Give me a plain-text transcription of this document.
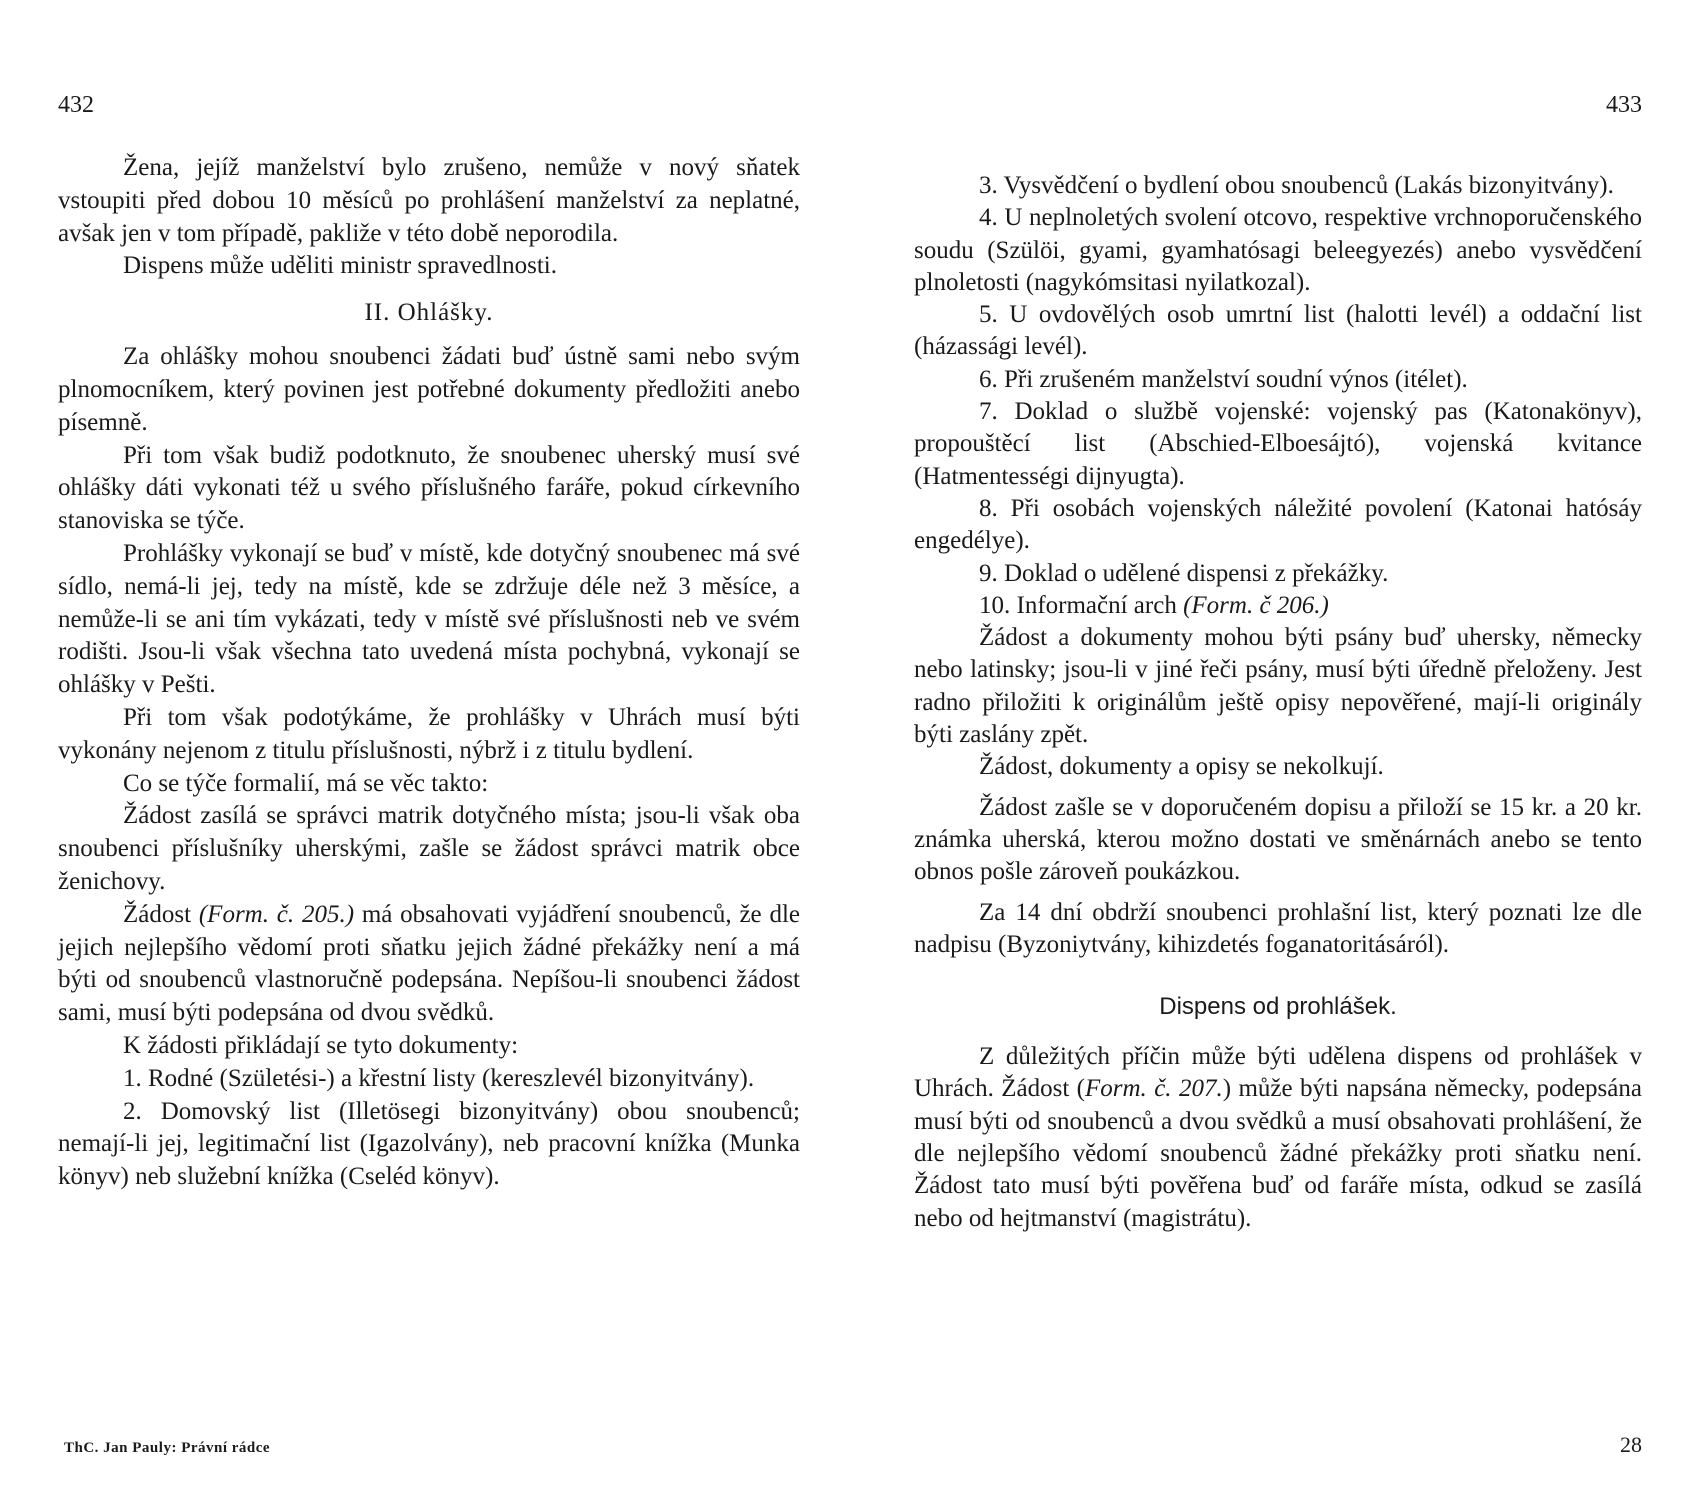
432

Žena, jejíž manželství bylo zrušeno, nemůže v nový sňatek vstoupiti před dobou 10 měsíců po prohlášení manželství za neplatné, avšak jen v tom případě, pakliže v této době neporodila.

Dispens může uděliti ministr spravedlnosti.

II. Ohlášky.

Za ohlášky mohou snoubenci žádati buď ústně sami nebo svým plnomocníkem, který povinen jest potřebné dokumenty předložiti anebo písemně.

Při tom však budiž podotknuto, že snoubenec uherský musí své ohlášky dáti vykonati též u svého příslušného faráře, pokud církevního stanoviska se týče.

Prohlášky vykonají se buď v místě, kde dotyčný snoubenec má své sídlo, nemá-li jej, tedy na místě, kde se zdržuje déle než 3 měsíce, a nemůže-li se ani tím vykázati, tedy v místě své příslušnosti neb ve svém rodišti. Jsou-li však všechna tato uvedená místa pochybná, vykonají se ohlášky v Pešti.

Při tom však podotýkáme, že prohlášky v Uhrách musí býti vykonány nejenom z titulu příslušnosti, nýbrž i z titulu bydlení.

Co se týče formalií, má se věc takto:

Žádost zasílá se správci matrik dotyčného místa; jsou-li však oba snoubenci příslušníky uherskými, zašle se žádost správci matrik obce ženichovy.

Žádost (Form. č. 205.) má obsahovati vyjádření snoubenců, že dle jejich nejlepšího vědomí proti sňatku jejich žádné překážky není a má býti od snoubenců vlastnoručně podepsána. Nepíšou-li snoubenci žádost sami, musí býti podepsána od dvou svědků.

K žádosti přikládají se tyto dokumenty:

1. Rodné (Születési-) a křestní listy (kereszlevél bizonyitvány).

2. Domovský list (Illetösegi bizonyitvány) obou snoubenců; nemají-li jej, legitimační list (Igazolvány), neb pracovní knížka (Munka könyv) neb služební knížka (Cseléd könyv).

433

3. Vysvědčení o bydlení obou snoubenců (Lakás bizonyitvány).

4. U neplnoletých svolení otcovo, respektive vrchnoporučenského soudu (Szülöi, gyami, gyamhatósagi beleegyezés) anebo vysvědčení plnoletosti (nagykómsitasi nyilatkozal).

5. U ovdovělých osob umrtní list (halotti levél) a oddační list (házassági levél).

6. Při zrušeném manželství soudní výnos (itélet).

7. Doklad o službě vojenské: vojenský pas (Katonakönyv), propouštěcí list (Abschied-Elboesájtó), vojenská kvitance (Hatmentességi dijnyugta).

8. Při osobách vojenských náležité povolení (Katonai hatósáy engedélye).

9. Doklad o udělené dispensi z překážky.

10. Informační arch (Form. č 206.)

Žádost a dokumenty mohou býti psány buď uhersky, německy nebo latinsky; jsou-li v jiné řeči psány, musí býti úředně přeloženy. Jest radno přiložiti k originálům ještě opisy nepověřené, mají-li originály býti zaslány zpět.

Žádost, dokumenty a opisy se nekolkují.

Žádost zašle se v doporučeném dopisu a přiloží se 15 kr. a 20 kr. známka uherská, kterou možno dostati ve směnárnách anebo se tento obnos pošle zároveň poukázkou.

Za 14 dní obdrží snoubenci prohlašní list, který poznati lze dle nadpisu (Byzoniytvány, kihizdetés foganatoritásáról).

Dispens od prohlášek.

Z důležitých příčin může býti udělena dispens od prohlášek v Uhrách. Žádost (Form. č. 207.) může býti napsána německy, podepsána musí býti od snoubenců a dvou svědků a musí obsahovati prohlášení, že dle nejlepšího vědomí snoubenců žádné překážky proti sňatku není. Žádost tato musí býti pověřena buď od faráře místa, odkud se zasílá nebo od hejtmanství (magistrátu).

ThC. Jan Pauly: Právní rádce	28
